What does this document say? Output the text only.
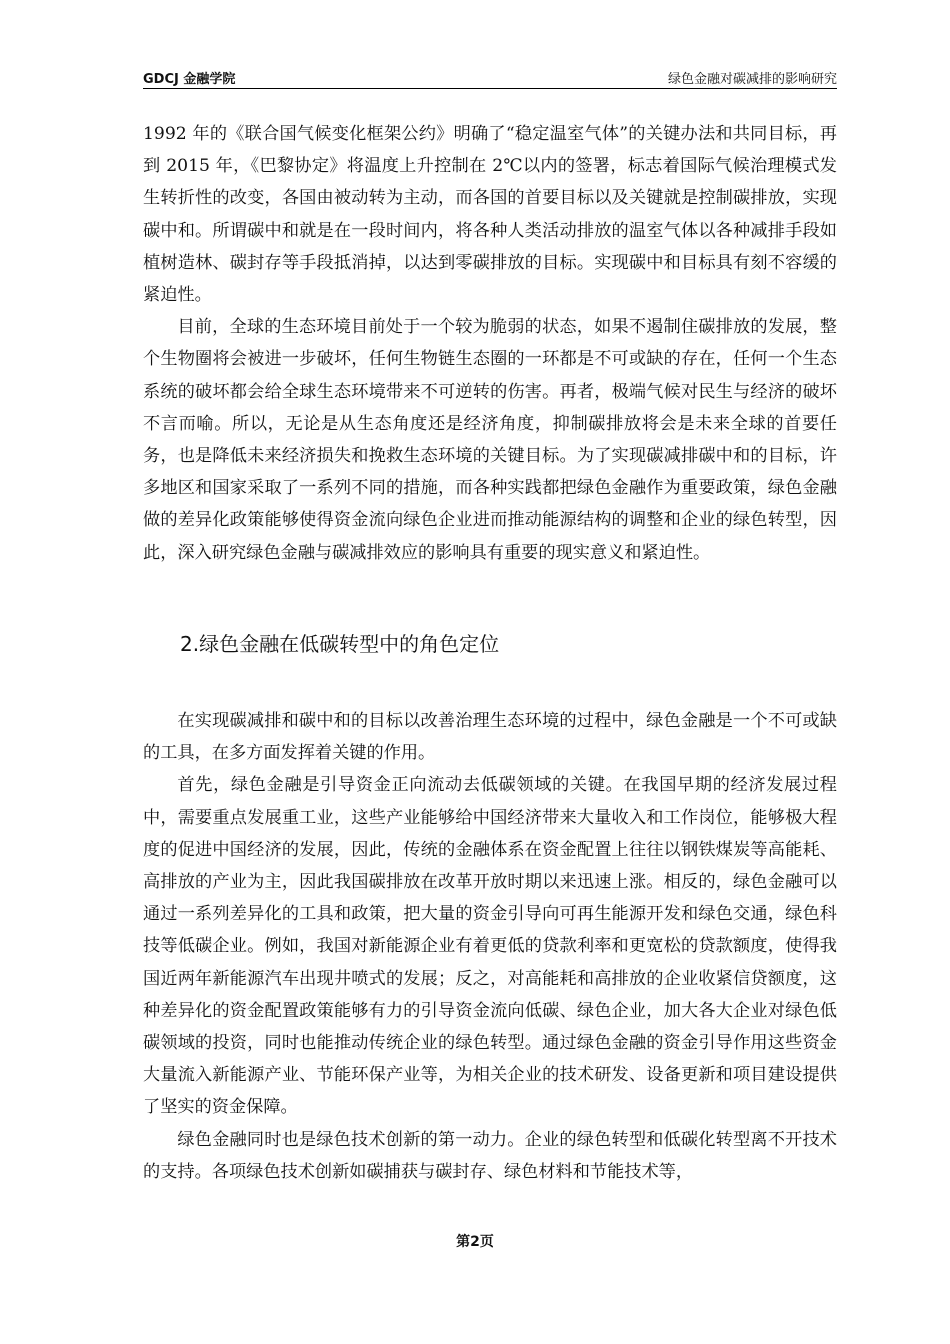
GDCJ 金融学院	绿色金融对碳减排的影响研究

1992 年的《联合国气候变化框架公约》明确了“稳定温室气体”的关键办法和共同目标，再到 2015 年，《巴黎协定》将温度上升控制在 2℃以内的签署，标志着国际气候治理模式发生转折性的改变，各国由被动转为主动，而各国的首要目标以及关键就是控制碳排放，实现碳中和。所谓碳中和就是在一段时间内，将各种人类活动排放的温室气体以各种减排手段如植树造林、碳封存等手段抵消掉，以达到零碳排放的目标。实现碳中和目标具有刻不容缓的紧迫性。

目前，全球的生态环境目前处于一个较为脆弱的状态，如果不遏制住碳排放的发展，整个生物圈将会被进一步破坏，任何生物链生态圈的一环都是不可或缺的存在，任何一个生态系统的破坏都会给全球生态环境带来不可逆转的伤害。再者，极端气候对民生与经济的破坏不言而喻。所以，无论是从生态角度还是经济角度，抑制碳排放将会是未来全球的首要任务，也是降低未来经济损失和挽救生态环境的关键目标。为了实现碳减排碳中和的目标，许多地区和国家采取了一系列不同的措施，而各种实践都把绿色金融作为重要政策，绿色金融做的差异化政策能够使得资金流向绿色企业进而推动能源结构的调整和企业的绿色转型，因此，深入研究绿色金融与碳减排效应的影响具有重要的现实意义和紧迫性。

2.绿色金融在低碳转型中的角色定位

在实现碳减排和碳中和的目标以改善治理生态环境的过程中，绿色金融是一个不可或缺的工具，在多方面发挥着关键的作用。

首先，绿色金融是引导资金正向流动去低碳领域的关键。在我国早期的经济发展过程中，需要重点发展重工业，这些产业能够给中国经济带来大量收入和工作岗位，能够极大程度的促进中国经济的发展，因此，传统的金融体系在资金配置上往往以钢铁煤炭等高能耗、高排放的产业为主，因此我国碳排放在改革开放时期以来迅速上涨。相反的，绿色金融可以通过一系列差异化的工具和政策，把大量的资金引导向可再生能源开发和绿色交通，绿色科技等低碳企业。例如，我国对新能源企业有着更低的贷款利率和更宽松的贷款额度，使得我国近两年新能源汽车出现井喷式的发展；反之，对高能耗和高排放的企业收紧信贷额度，这种差异化的资金配置政策能够有力的引导资金流向低碳、绿色企业，加大各大企业对绿色低碳领域的投资，同时也能推动传统企业的绿色转型。通过绿色金融的资金引导作用这些资金大量流入新能源产业、节能环保产业等，为相关企业的技术研发、设备更新和项目建设提供了坚实的资金保障。

绿色金融同时也是绿色技术创新的第一动力。企业的绿色转型和低碳化转型离不开技术的支持。各项绿色技术创新如碳捕获与碳封存、绿色材料和节能技术等，

第2页
